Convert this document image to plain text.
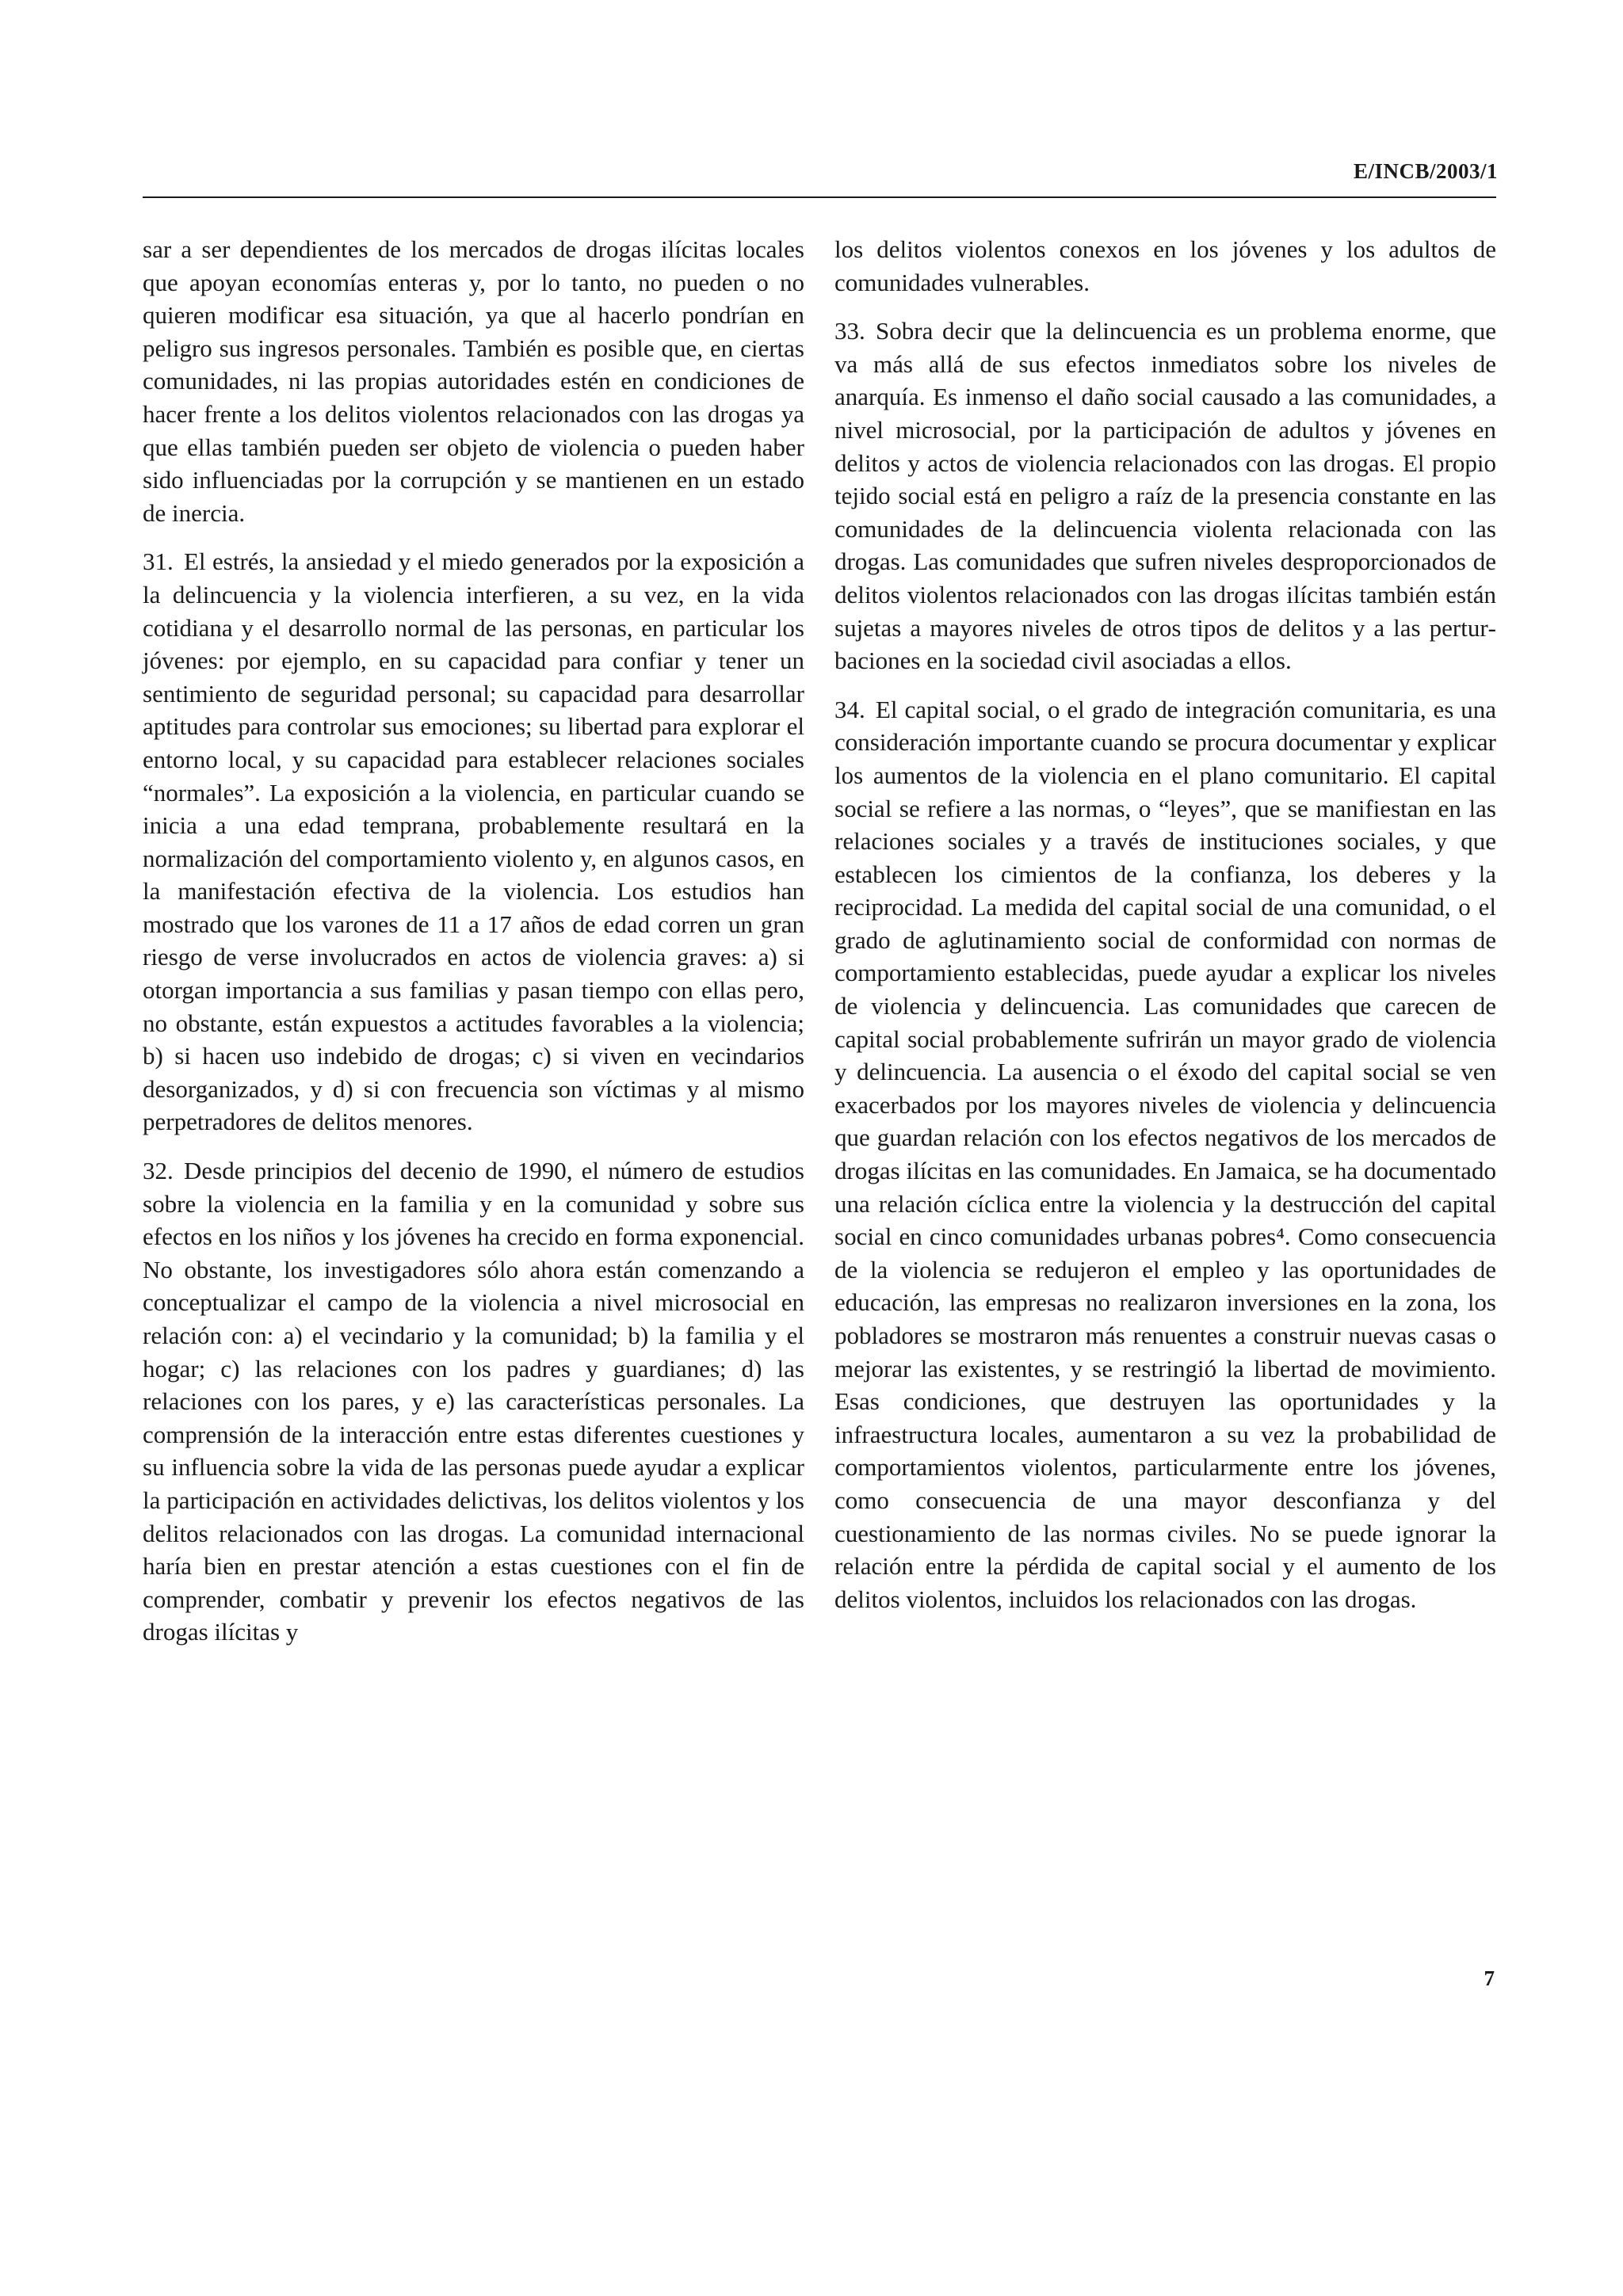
E/INCB/2003/1

sar a ser dependientes de los mercados de drogas ilícitas locales que apoyan economías enteras y, por lo tanto, no pueden o no quieren modificar esa situación, ya que al hacerlo pondrían en peligro sus ingresos personales. También es posible que, en ciertas comunidades, ni las propias autoridades estén en condiciones de hacer frente a los delitos violentos relacionados con las drogas ya que ellas también pueden ser objeto de violencia o pueden haber sido influenciadas por la corrupción y se mantienen en un estado de inercia.

31. El estrés, la ansiedad y el miedo generados por la exposición a la delincuencia y la violencia interfieren, a su vez, en la vida cotidiana y el desarrollo normal de las personas, en particular los jóvenes: por ejemplo, en su capacidad para confiar y tener un sentimiento de seguridad personal; su capacidad para desarrollar aptitudes para controlar sus emociones; su libertad para explorar el entorno local, y su capacidad para establecer relaciones sociales “normales”. La exposición a la violencia, en particular cuando se inicia a una edad temprana, probablemente resultará en la normalización del comportamiento violento y, en algunos casos, en la manifestación efectiva de la violencia. Los estudios han mostrado que los varones de 11 a 17 años de edad corren un gran riesgo de verse involucrados en actos de violencia graves: a) si otorgan importancia a sus familias y pasan tiempo con ellas pero, no obstante, están expuestos a actitudes favorables a la violencia; b) si hacen uso indebido de drogas; c) si viven en vecindarios desorganizados, y d) si con frecuencia son víctimas y al mismo perpetradores de delitos menores.

32. Desde principios del decenio de 1990, el número de estudios sobre la violencia en la familia y en la comunidad y sobre sus efectos en los niños y los jóvenes ha crecido en forma exponencial. No obstante, los investigadores sólo ahora están comenzando a conceptualizar el campo de la violencia a nivel microsocial en relación con: a) el vecindario y la comunidad; b) la familia y el hogar; c) las relaciones con los padres y guardianes; d) las relaciones con los pares, y e) las características personales. La comprensión de la interacción entre estas diferentes cuestiones y su influencia sobre la vida de las personas puede ayudar a explicar la participación en actividades delictivas, los delitos violentos y los delitos relacionados con las drogas. La comunidad internacional haría bien en prestar atención a estas cuestiones con el fin de comprender, combatir y prevenir los efectos negativos de las drogas ilícitas y

los delitos violentos conexos en los jóvenes y los adultos de comunidades vulnerables.

33. Sobra decir que la delincuencia es un problema enorme, que va más allá de sus efectos inmediatos sobre los niveles de anarquía. Es inmenso el daño social causado a las comunidades, a nivel microsocial, por la participación de adultos y jóvenes en delitos y actos de violencia relacionados con las drogas. El propio tejido social está en peligro a raíz de la presencia constante en las comunidades de la delincuencia violenta relacionada con las drogas. Las comunidades que sufren niveles desproporcionados de delitos violentos relacionados con las drogas ilícitas también están sujetas a mayores niveles de otros tipos de delitos y a las perturbaciones en la sociedad civil asociadas a ellos.

34. El capital social, o el grado de integración comunitaria, es una consideración importante cuando se procura documentar y explicar los aumentos de la violencia en el plano comunitario. El capital social se refiere a las normas, o “leyes”, que se manifiestan en las relaciones sociales y a través de instituciones sociales, y que establecen los cimientos de la confianza, los deberes y la reciprocidad. La medida del capital social de una comunidad, o el grado de aglutinamiento social de conformidad con normas de comportamiento establecidas, puede ayudar a explicar los niveles de violencia y delincuencia. Las comunidades que carecen de capital social probablemente sufrirán un mayor grado de violencia y delincuencia. La ausencia o el éxodo del capital social se ven exacerbados por los mayores niveles de violencia y delincuencia que guardan relación con los efectos negativos de los mercados de drogas ilícitas en las comunidades. En Jamaica, se ha documentado una relación cíclica entre la violencia y la destrucción del capital social en cinco comunidades urbanas pobres⁴. Como consecuencia de la violencia se redujeron el empleo y las oportunidades de educación, las empresas no realizaron inversiones en la zona, los pobladores se mostraron más renuentes a construir nuevas casas o mejorar las existentes, y se restringió la libertad de movimiento. Esas condiciones, que destruyen las oportunidades y la infraestructura locales, aumentaron a su vez la probabilidad de comportamientos violentos, particularmente entre los jóvenes, como consecuencia de una mayor desconfianza y del cuestionamiento de las normas civiles. No se puede ignorar la relación entre la pérdida de capital social y el aumento de los delitos violentos, incluidos los relacionados con las drogas.

7
